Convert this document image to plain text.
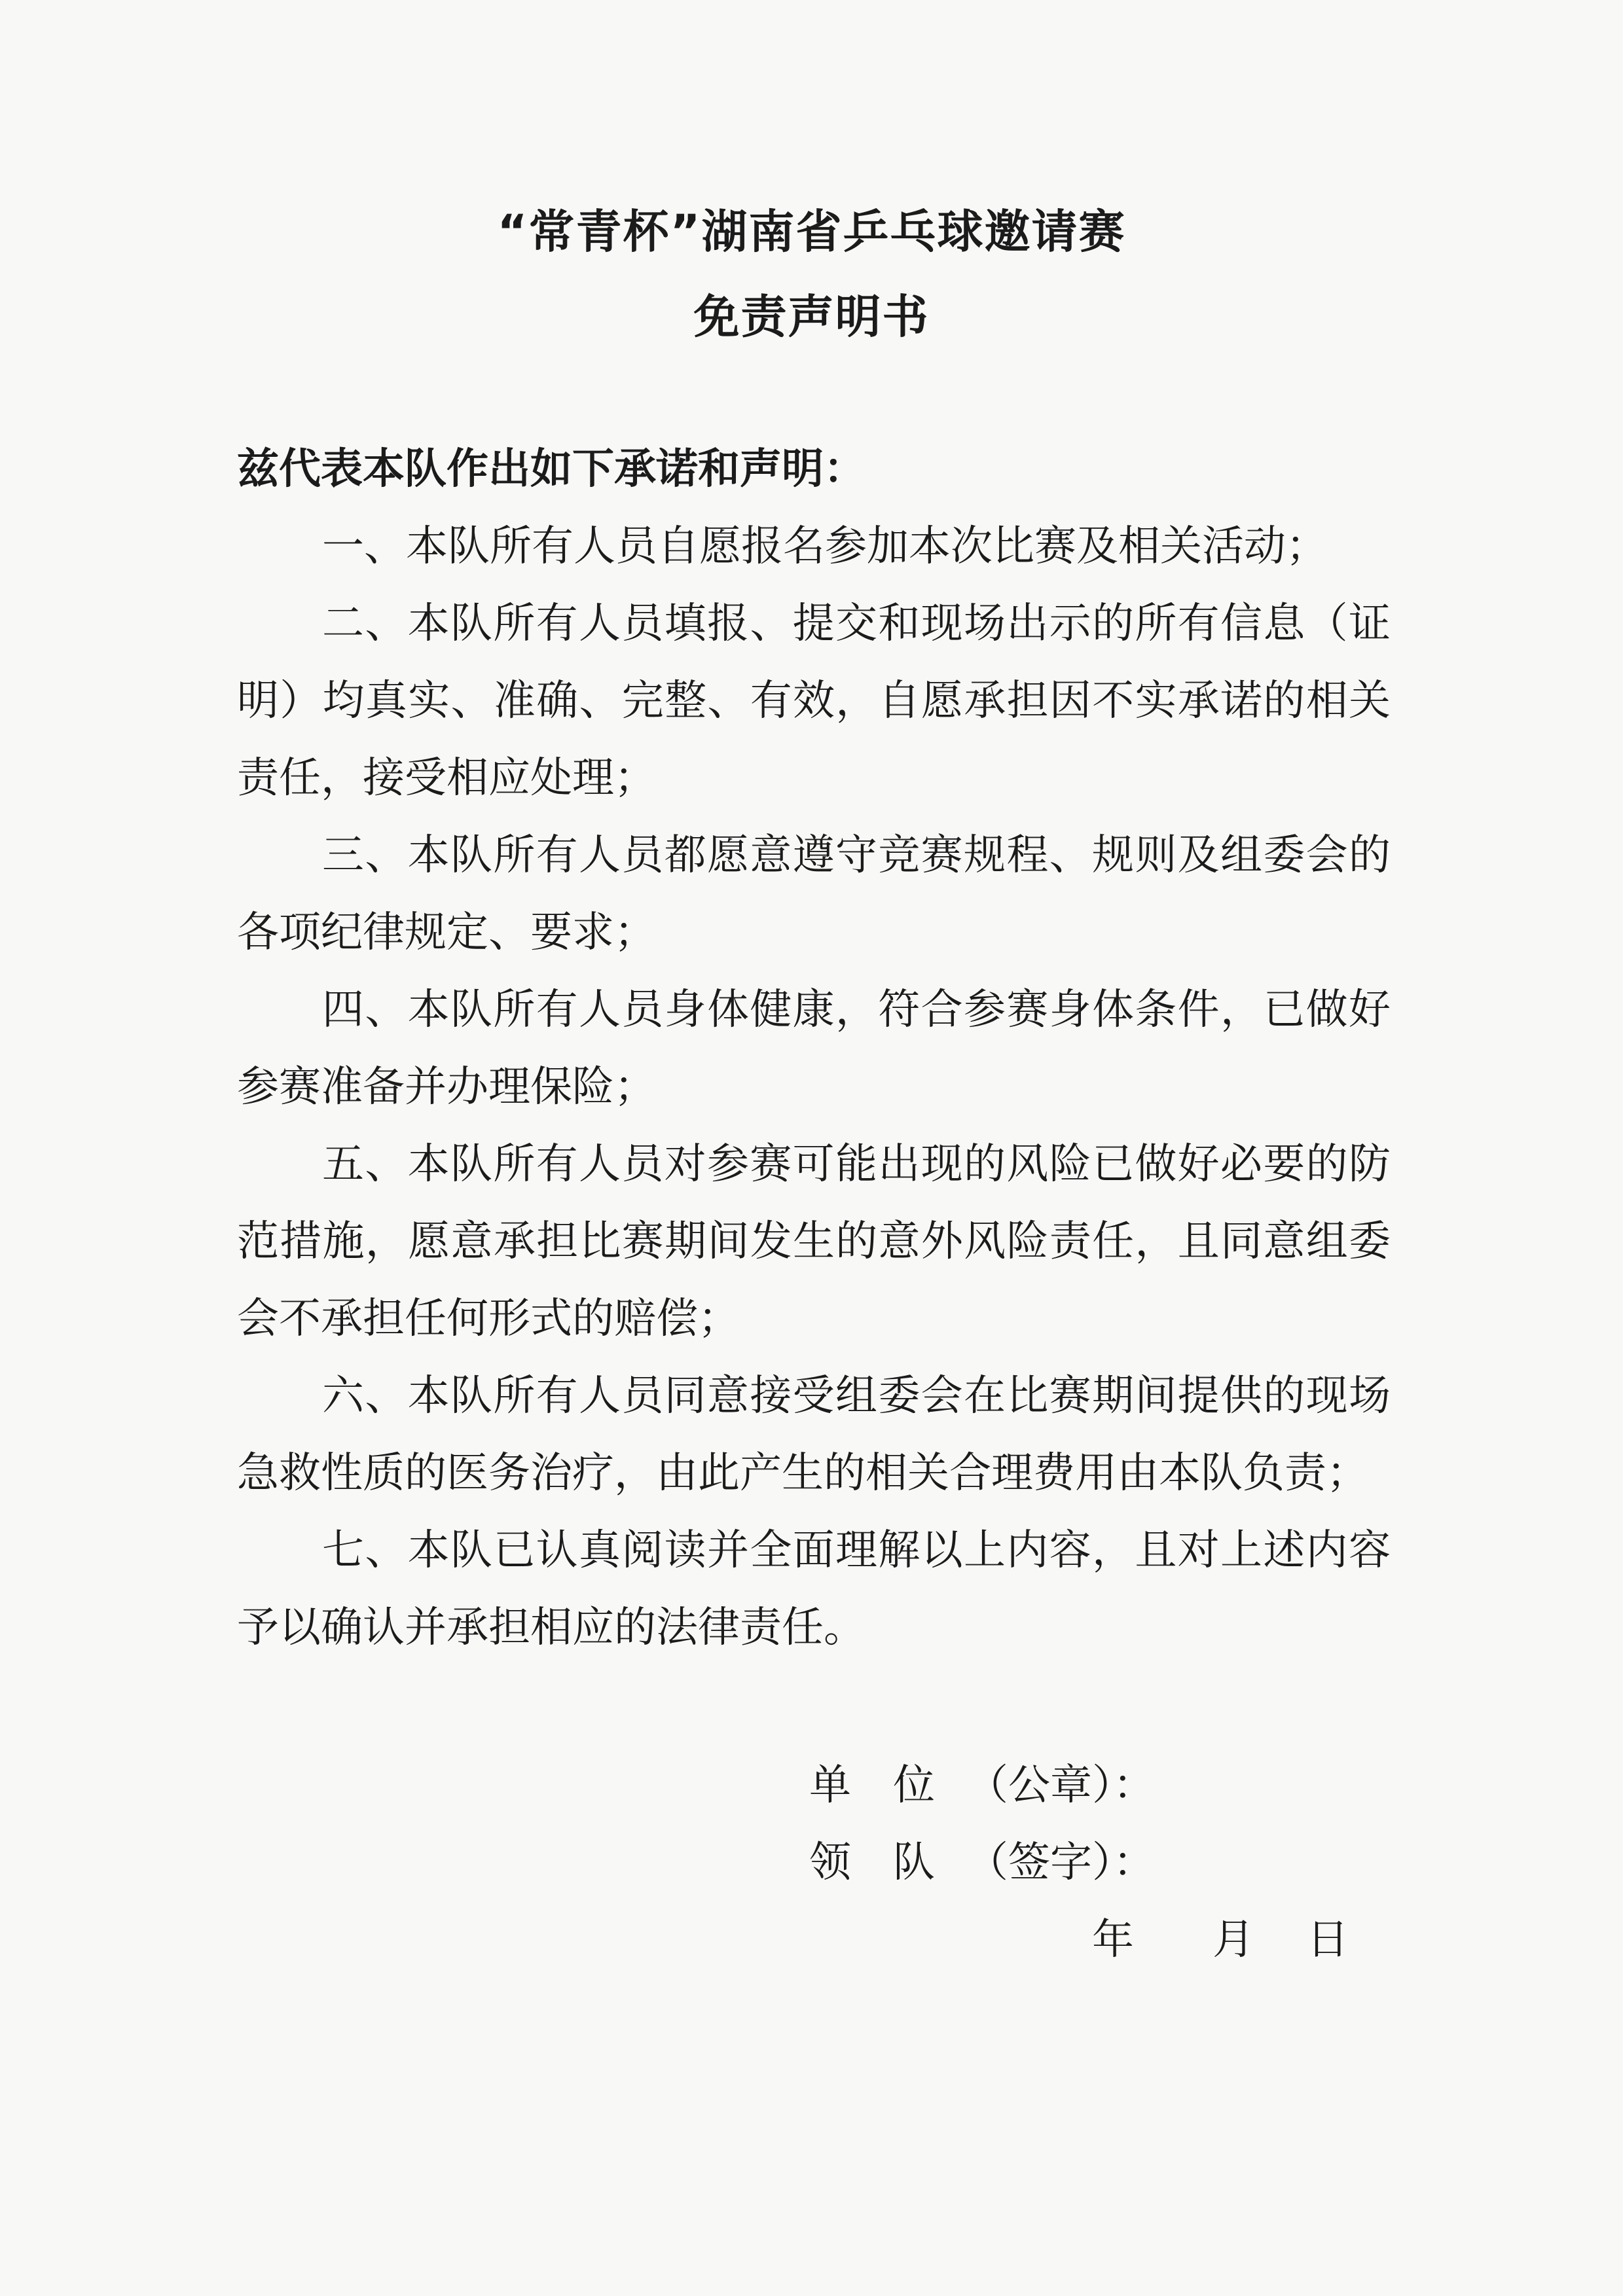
“常青杯”湖南省乒乓球邀请赛
免责声明书

兹代表本队作出如下承诺和声明：

一、本队所有人员自愿报名参加本次比赛及相关活动；

二、本队所有人员填报、提交和现场出示的所有信息（证明）均真实、准确、完整、有效，自愿承担因不实承诺的相关责任，接受相应处理；

三、本队所有人员都愿意遵守竞赛规程、规则及组委会的各项纪律规定、要求；

四、本队所有人员身体健康，符合参赛身体条件，已做好参赛准备并办理保险；

五、本队所有人员对参赛可能出现的风险已做好必要的防范措施，愿意承担比赛期间发生的意外风险责任，且同意组委会不承担任何形式的赔偿；

六、本队所有人员同意接受组委会在比赛期间提供的现场急救性质的医务治疗，由此产生的相关合理费用由本队负责；

七、本队已认真阅读并全面理解以上内容，且对上述内容予以确认并承担相应的法律责任。

单　位 （公章）：
领　队 （签字）：
年 月 日
